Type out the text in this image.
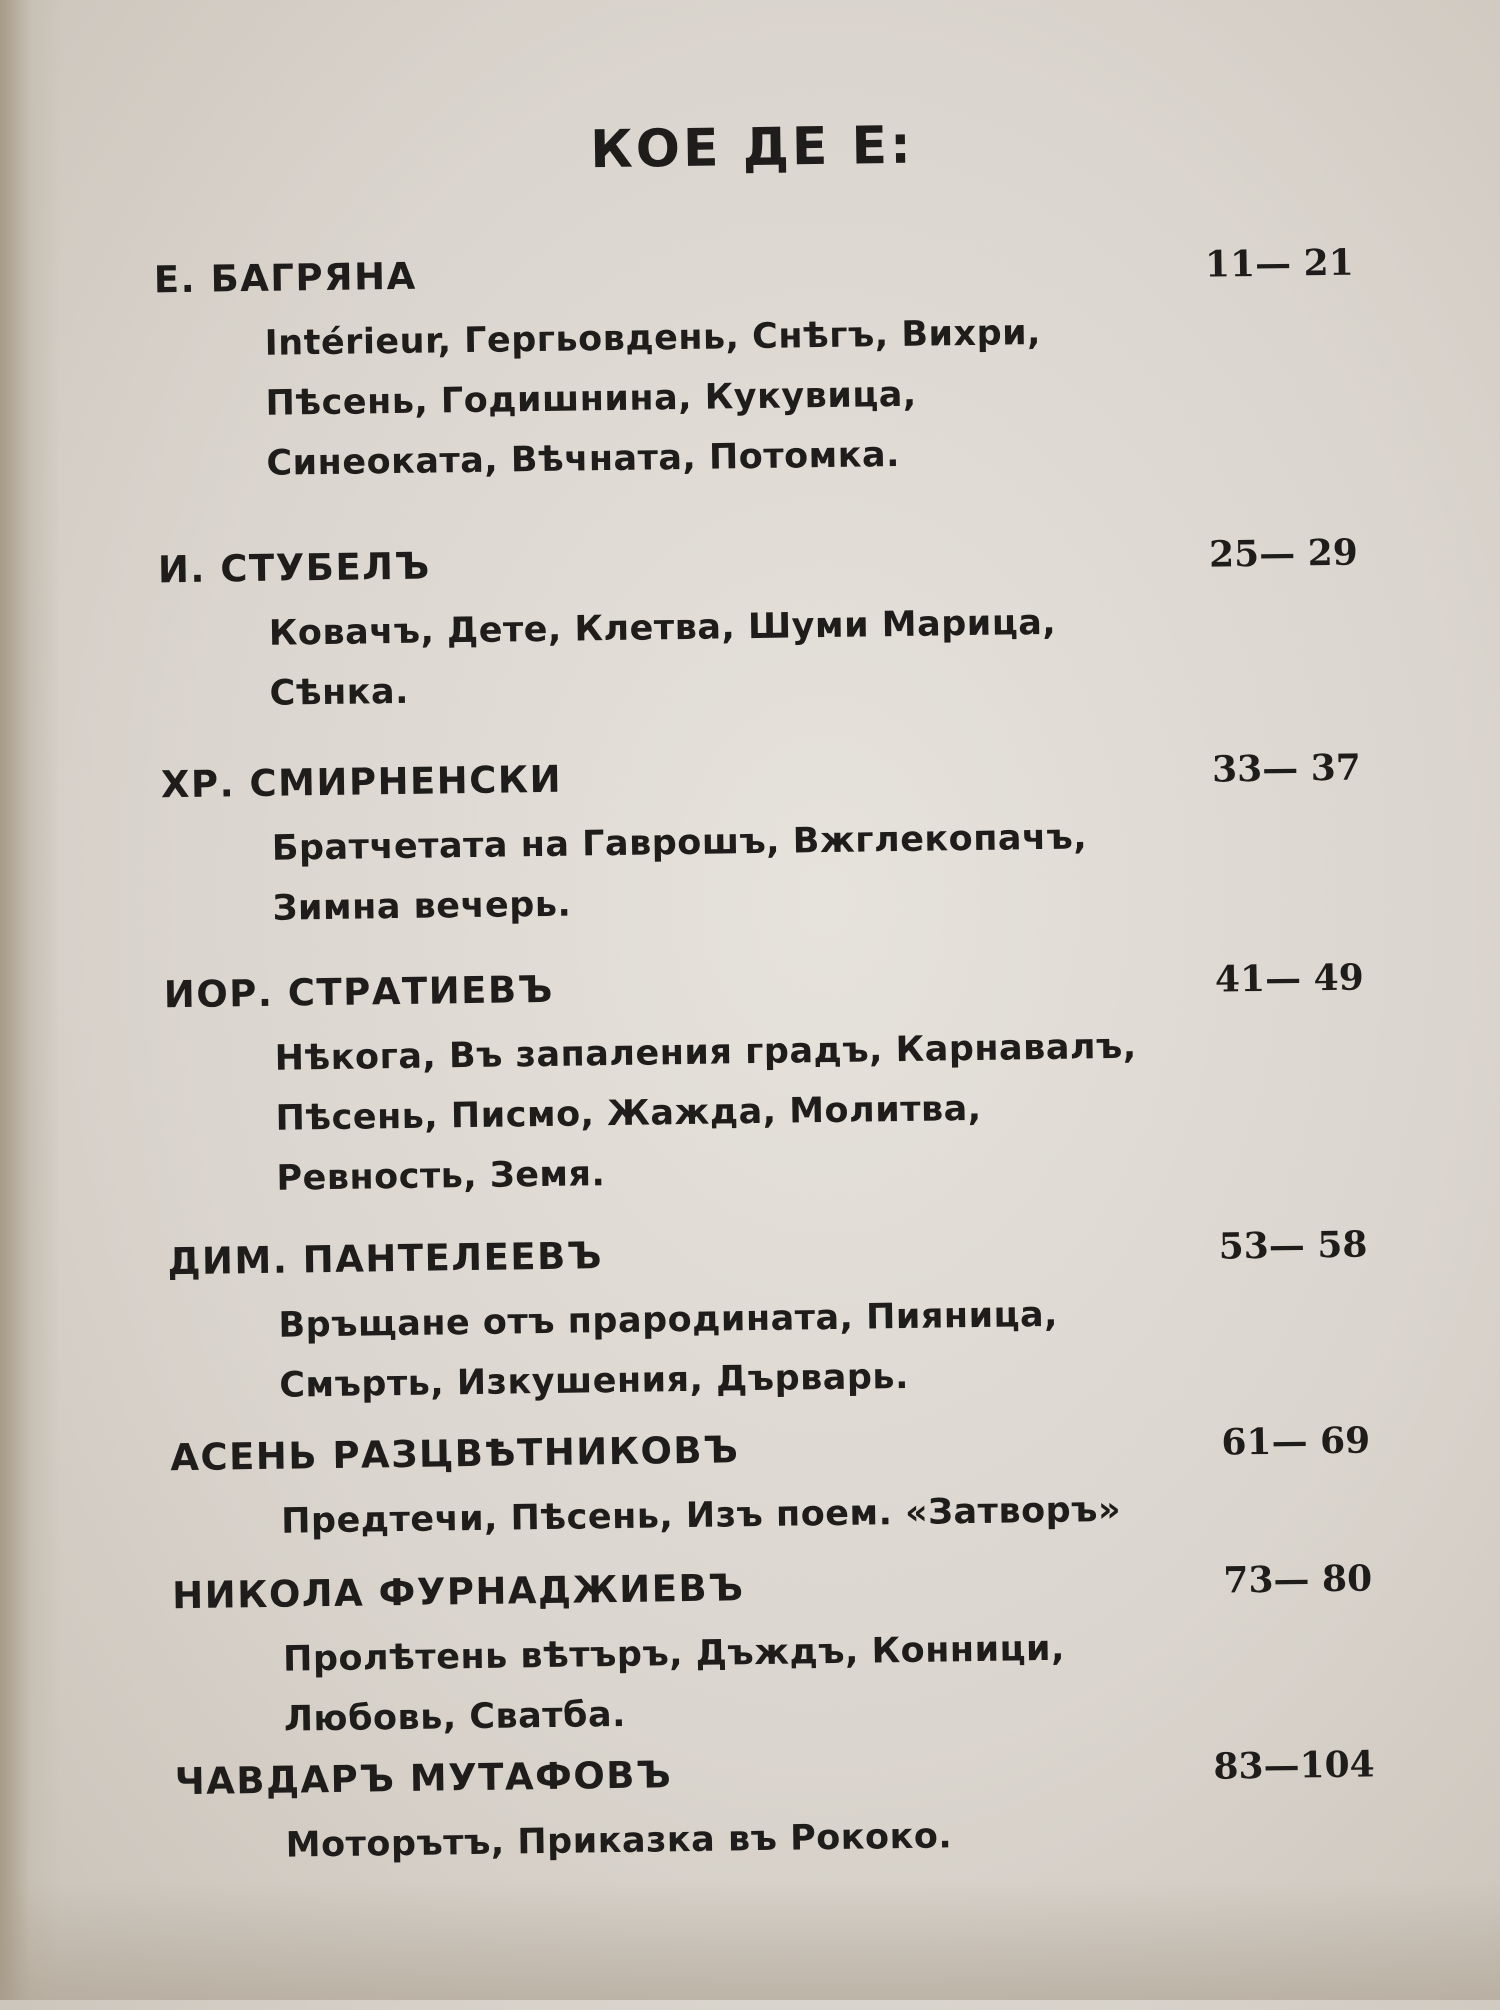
КОЕ ДЕ Е:
Е. БАГРЯНА	11— 21
Intérieur, Гергьовдень, Снѣгъ, Вихри, Пѣсень, Годишнина, Кукувица, Синеоката, Вѣчната, Потомка.
И. СТУБЕЛЪ	25— 29
Ковачъ, Дете, Клетва, Шуми Марица, Сѣнка.
ХР. СМИРНЕНСКИ	33— 37
Братчетата на Гаврошъ, Вжглекопачъ, Зимна вечерь.
ИОР. СТРАТИЕВЪ	41— 49
Нѣкога, Въ запаления градъ, Карнавалъ, Пѣсень, Писмо, Жажда, Молитва, Ревность, Земя.
ДИМ. ПАНТЕЛЕЕВЪ	53— 58
Връщане отъ прародината, Пияница, Смърть, Изкушения, Дърварь.
АСЕНЬ РАЗЦВѢТНИКОВЪ	61— 69
Предтечи, Пѣсень, Изъ поем. «Затворъ»
НИКОЛА ФУРНАДЖИЕВЪ	73— 80
Пролѣтень вѣтъръ, Дъждъ, Конници, Любовь, Сватба.
ЧАВДАРЪ МУТАФОВЪ	83—104
Моторътъ, Приказка въ Рококо.
